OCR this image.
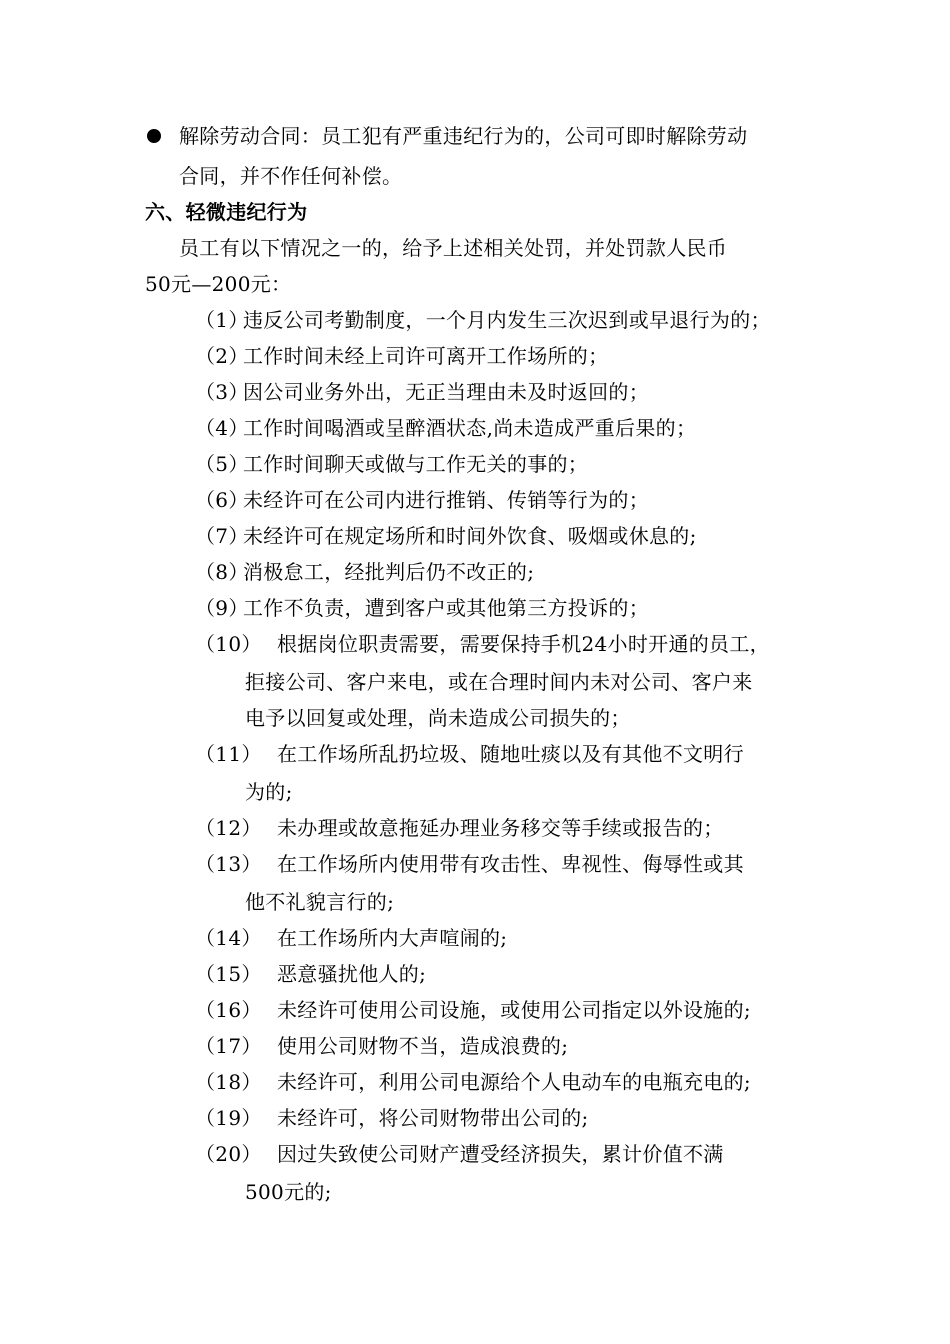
解除劳动合同：员工犯有严重违纪行为的，公司可即时解除劳动
合同，并不作任何补偿。
六、轻微违纪行为
员工有以下情况之一的，给予上述相关处罚，并处罚款人民币
50元—200元：
（1）违反公司考勤制度，一个月内发生三次迟到或早退行为的；
（2）工作时间未经上司许可离开工作场所的；
（3）因公司业务外出，无正当理由未及时返回的；
（4）工作时间喝酒或呈醉酒状态,尚未造成严重后果的；
（5）工作时间聊天或做与工作无关的事的；
（6）未经许可在公司内进行推销、传销等行为的；
（7）未经许可在规定场所和时间外饮食、吸烟或休息的;
（8）消极怠工，经批判后仍不改正的;
（9）工作不负责，遭到客户或其他第三方投诉的；
（10） 根据岗位职责需要，需要保持手机24小时开通的员工，
拒接公司、客户来电，或在合理时间内未对公司、客户来
电予以回复或处理，尚未造成公司损失的；
（11） 在工作场所乱扔垃圾、随地吐痰以及有其他不文明行
为的;
（12） 未办理或故意拖延办理业务移交等手续或报告的；
（13） 在工作场所内使用带有攻击性、卑视性、侮辱性或其
他不礼貌言行的;
（14） 在工作场所内大声喧闹的;
（15） 恶意骚扰他人的;
（16） 未经许可使用公司设施，或使用公司指定以外设施的;
（17） 使用公司财物不当，造成浪费的;
（18） 未经许可，利用公司电源给个人电动车的电瓶充电的;
（19） 未经许可，将公司财物带出公司的;
（20） 因过失致使公司财产遭受经济损失，累计价值不满
500元的;
